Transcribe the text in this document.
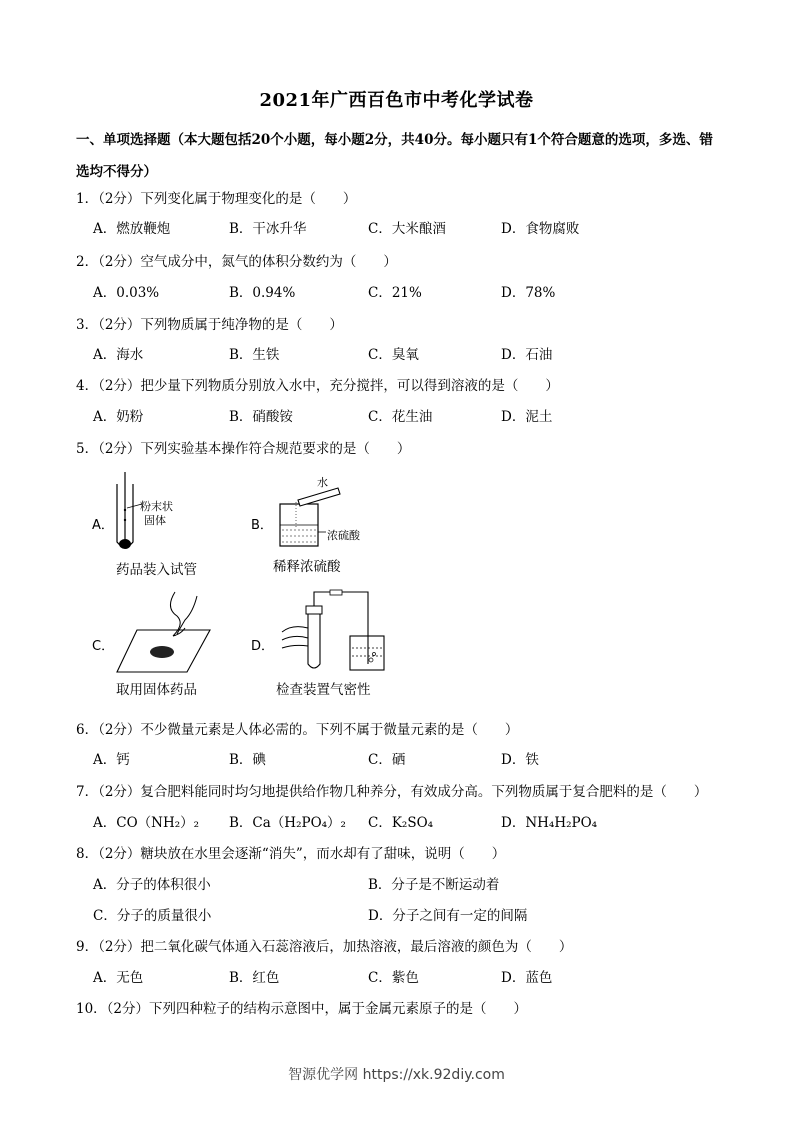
2021年广西百色市中考化学试卷
一、单项选择题（本大题包括20个小题，每小题2分，共40分。每小题只有1个符合题意的选项，多选、错选均不得分）
1．（2分）下列变化属于物理变化的是（　　）
A．燃放鞭炮	B．干冰升华	C．大米酿酒	D．食物腐败
2．（2分）空气成分中，氮气的体积分数约为（　　）
A．0.03%	B．0.94%	C．21%	D．78%
3．（2分）下列物质属于纯净物的是（　　）
A．海水	B．生铁	C．臭氧	D．石油
4．（2分）把少量下列物质分别放入水中，充分搅拌，可以得到溶液的是（　　）
A．奶粉	B．硝酸铵	C．花生油	D．泥土
5．（2分）下列实验基本操作符合规范要求的是（　　）
A．
粉末状
固体
药品装入试管
B．
水
浓硫酸
稀释浓硫酸
C．
取用固体药品
D．
检查装置气密性
6．（2分）不少微量元素是人体必需的。下列不属于微量元素的是（　　）
A．钙	B．碘	C．硒	D．铁
7．（2分）复合肥料能同时均匀地提供给作物几种养分，有效成分高。下列物质属于复合肥料的是（　　）
A．CO（NH₂）₂ B．Ca（H₂PO₄）₂ C．K₂SO₄	D．NH₄H₂PO₄
8．（2分）糖块放在水里会逐渐“消失”，而水却有了甜味，说明（　　）
A．分子的体积很小	B．分子是不断运动着
C．分子的质量很小	D．分子之间有一定的间隔
9．（2分）把二氧化碳气体通入石蕊溶液后，加热溶液，最后溶液的颜色为（　　）
A．无色	B．红色	C．紫色	D．蓝色
10．（2分）下列四种粒子的结构示意图中，属于金属元素原子的是（　　）
智源优学网 https://xk.92diy.com
